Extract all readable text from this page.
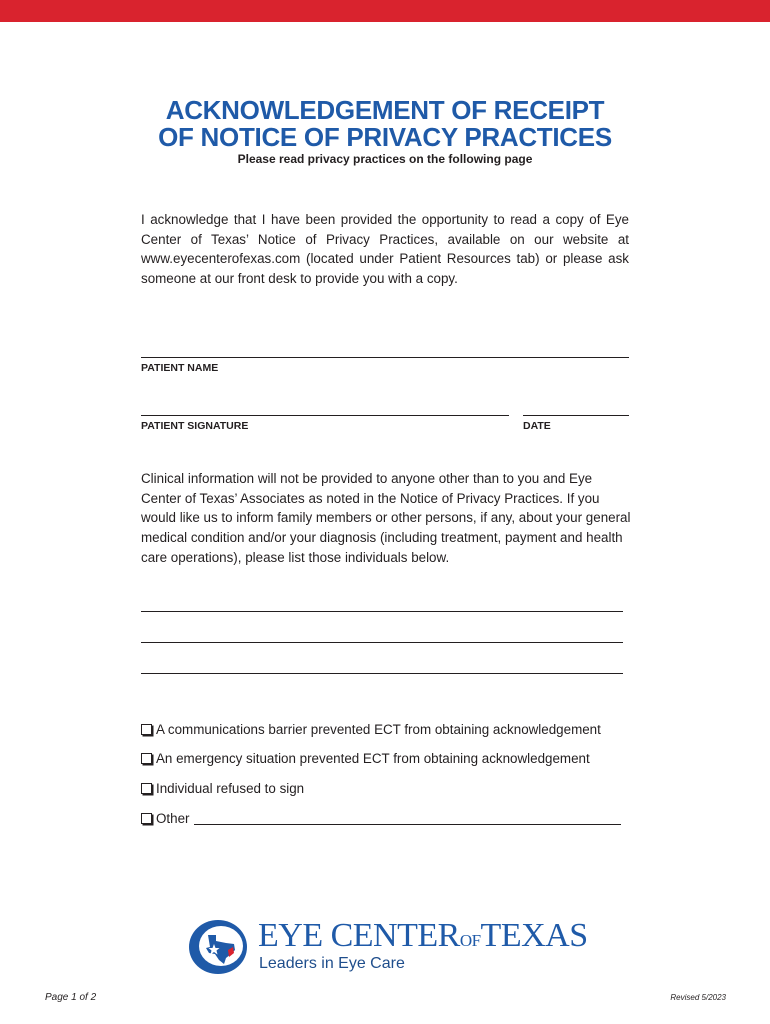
ACKNOWLEDGEMENT OF RECEIPT
OF NOTICE OF PRIVACY PRACTICES
Please read privacy practices on the following page

I acknowledge that I have been provided the opportunity to read a copy of Eye Center of Texas’ Notice of Privacy Practices, available on our website at www.eyecenterofexas.com (located under Patient Resources tab) or please ask someone at our front desk to provide you with a copy.

PATIENT NAME
PATIENT SIGNATURE	DATE

Clinical information will not be provided to anyone other than to you and Eye Center of Texas’ Associates as noted in the Notice of Privacy Practices. If you would like us to inform family members or other persons, if any, about your general medical condition and/or your diagnosis (including treatment, payment and health care operations), please list those individuals below.

A communications barrier prevented ECT from obtaining acknowledgement
An emergency situation prevented ECT from obtaining acknowledgement
Individual refused to sign
Other
EYE CENTEROFTEXAS
Leaders in Eye Care
Page 1 of 2	Revised 5/2023
